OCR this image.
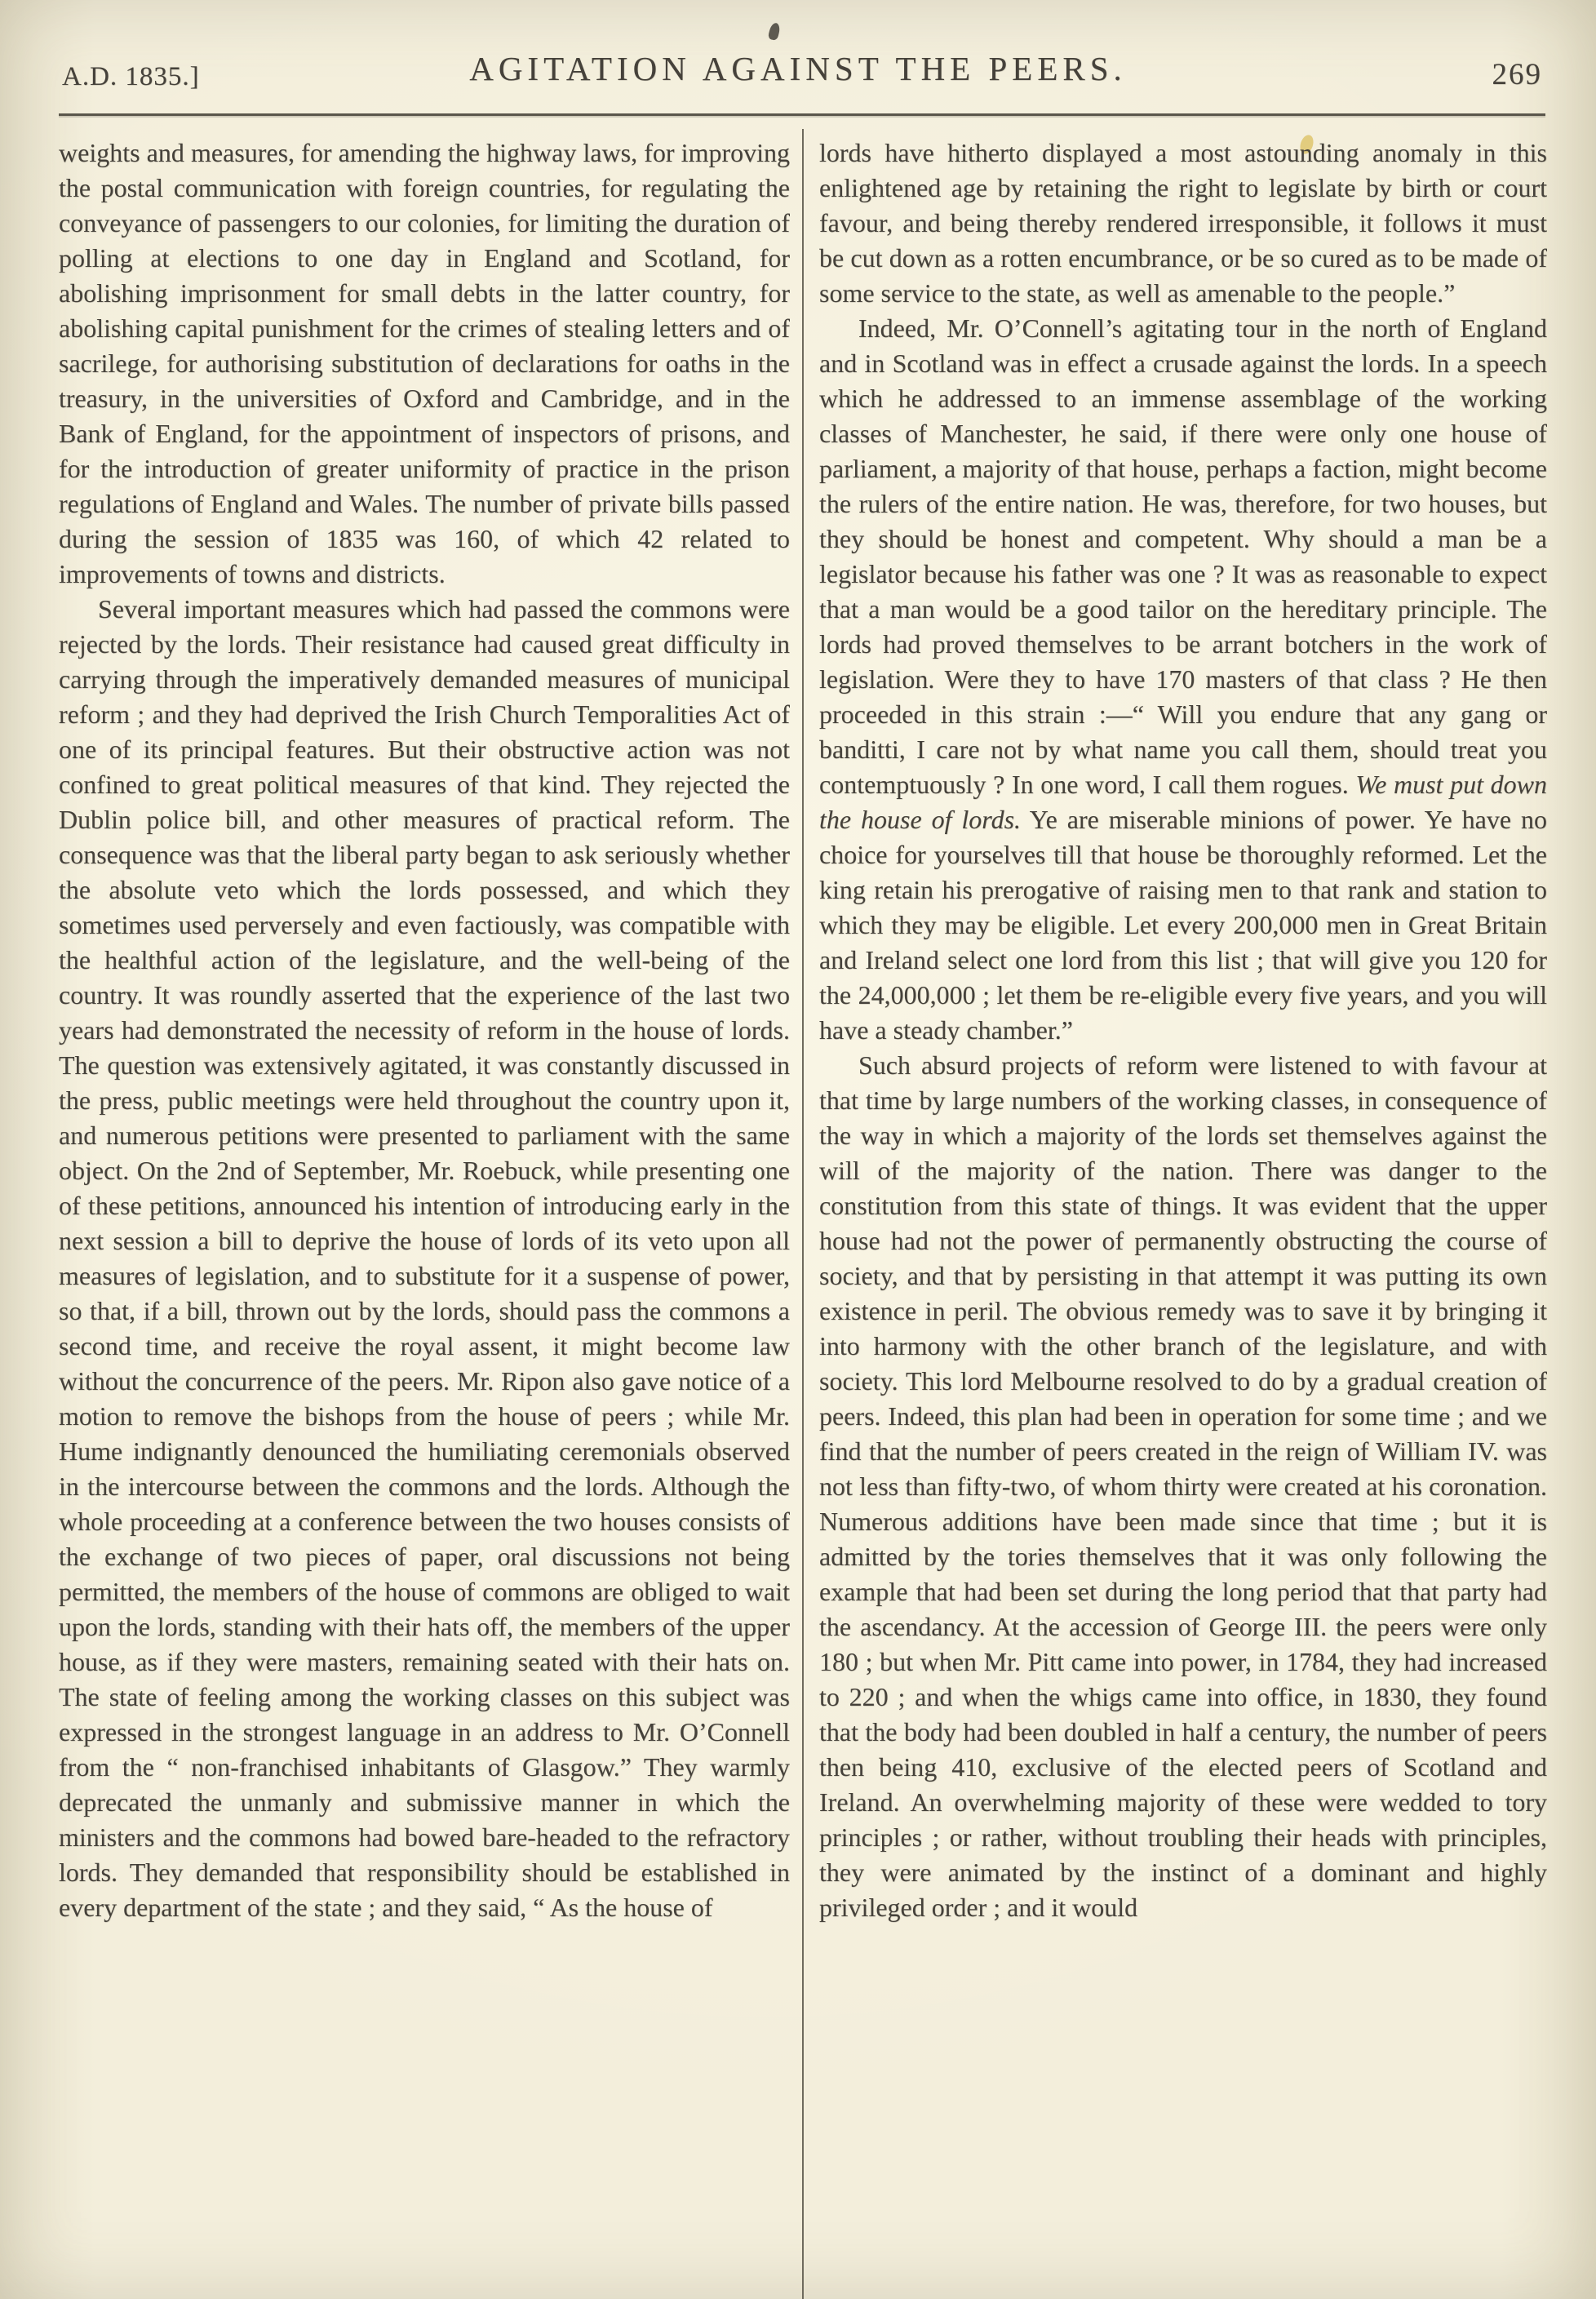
A.D. 1835.]	AGITATION AGAINST THE PEERS.	269

weights and measures, for amending the highway laws, for improving the postal communication with foreign countries, for regulating the conveyance of passengers to our colonies, for limiting the duration of polling at elections to one day in England and Scotland, for abolishing imprisonment for small debts in the latter country, for abolishing capital punishment for the crimes of stealing letters and of sacrilege, for authorising substitution of declarations for oaths in the treasury, in the universities of Oxford and Cambridge, and in the Bank of England, for the appointment of inspectors of prisons, and for the introduction of greater uniformity of practice in the prison regulations of England and Wales. The number of private bills passed during the session of 1835 was 160, of which 42 related to improvements of towns and districts.

Several important measures which had passed the commons were rejected by the lords. Their resistance had caused great difficulty in carrying through the imperatively demanded measures of municipal reform ; and they had deprived the Irish Church Temporalities Act of one of its principal features. But their obstructive action was not confined to great political measures of that kind. They rejected the Dublin police bill, and other measures of practical reform. The consequence was that the liberal party began to ask seriously whether the absolute veto which the lords possessed, and which they sometimes used perversely and even factiously, was compatible with the healthful action of the legislature, and the well-being of the country. It was roundly asserted that the experience of the last two years had demonstrated the necessity of reform in the house of lords. The question was extensively agitated, it was constantly discussed in the press, public meetings were held throughout the country upon it, and numerous petitions were presented to parliament with the same object. On the 2nd of September, Mr. Roebuck, while presenting one of these petitions, announced his intention of introducing early in the next session a bill to deprive the house of lords of its veto upon all measures of legislation, and to substitute for it a suspense of power, so that, if a bill, thrown out by the lords, should pass the commons a second time, and receive the royal assent, it might become law without the concurrence of the peers. Mr. Ripon also gave notice of a motion to remove the bishops from the house of peers ; while Mr. Hume indignantly denounced the humiliating ceremonials observed in the intercourse between the commons and the lords. Although the whole proceeding at a conference between the two houses consists of the exchange of two pieces of paper, oral discussions not being permitted, the members of the house of commons are obliged to wait upon the lords, standing with their hats off, the members of the upper house, as if they were masters, remaining seated with their hats on. The state of feeling among the working classes on this subject was expressed in the strongest language in an address to Mr. O’Connell from the “ non-franchised inhabitants of Glasgow.” They warmly deprecated the unmanly and submissive manner in which the ministers and the commons had bowed bare-headed to the refractory lords. They demanded that responsibility should be established in every department of the state ; and they said, “ As the house of

lords have hitherto displayed a most astounding anomaly in this enlightened age by retaining the right to legislate by birth or court favour, and being thereby rendered irresponsible, it follows it must be cut down as a rotten encumbrance, or be so cured as to be made of some service to the state, as well as amenable to the people.”

Indeed, Mr. O’Connell’s agitating tour in the north of England and in Scotland was in effect a crusade against the lords. In a speech which he addressed to an immense assemblage of the working classes of Manchester, he said, if there were only one house of parliament, a majority of that house, perhaps a faction, might become the rulers of the entire nation. He was, therefore, for two houses, but they should be honest and competent. Why should a man be a legislator because his father was one ? It was as reasonable to expect that a man would be a good tailor on the hereditary principle. The lords had proved themselves to be arrant botchers in the work of legislation. Were they to have 170 masters of that class ? He then proceeded in this strain :—“ Will you endure that any gang or banditti, I care not by what name you call them, should treat you contemptuously ? In one word, I call them rogues. We must put down the house of lords. Ye are miserable minions of power. Ye have no choice for yourselves till that house be thoroughly reformed. Let the king retain his prerogative of raising men to that rank and station to which they may be eligible. Let every 200,000 men in Great Britain and Ireland select one lord from this list ; that will give you 120 for the 24,000,000 ; let them be re-eligible every five years, and you will have a steady chamber.”

Such absurd projects of reform were listened to with favour at that time by large numbers of the working classes, in consequence of the way in which a majority of the lords set themselves against the will of the majority of the nation. There was danger to the constitution from this state of things. It was evident that the upper house had not the power of permanently obstructing the course of society, and that by persisting in that attempt it was putting its own existence in peril. The obvious remedy was to save it by bringing it into harmony with the other branch of the legislature, and with society. This lord Melbourne resolved to do by a gradual creation of peers. Indeed, this plan had been in operation for some time ; and we find that the number of peers created in the reign of William IV. was not less than fifty-two, of whom thirty were created at his coronation. Numerous additions have been made since that time ; but it is admitted by the tories themselves that it was only following the example that had been set during the long period that that party had the ascendancy. At the accession of George III. the peers were only 180 ; but when Mr. Pitt came into power, in 1784, they had increased to 220 ; and when the whigs came into office, in 1830, they found that the body had been doubled in half a century, the number of peers then being 410, exclusive of the elected peers of Scotland and Ireland. An overwhelming majority of these were wedded to tory principles ; or rather, without troubling their heads with principles, they were animated by the instinct of a dominant and highly privileged order ; and it would
